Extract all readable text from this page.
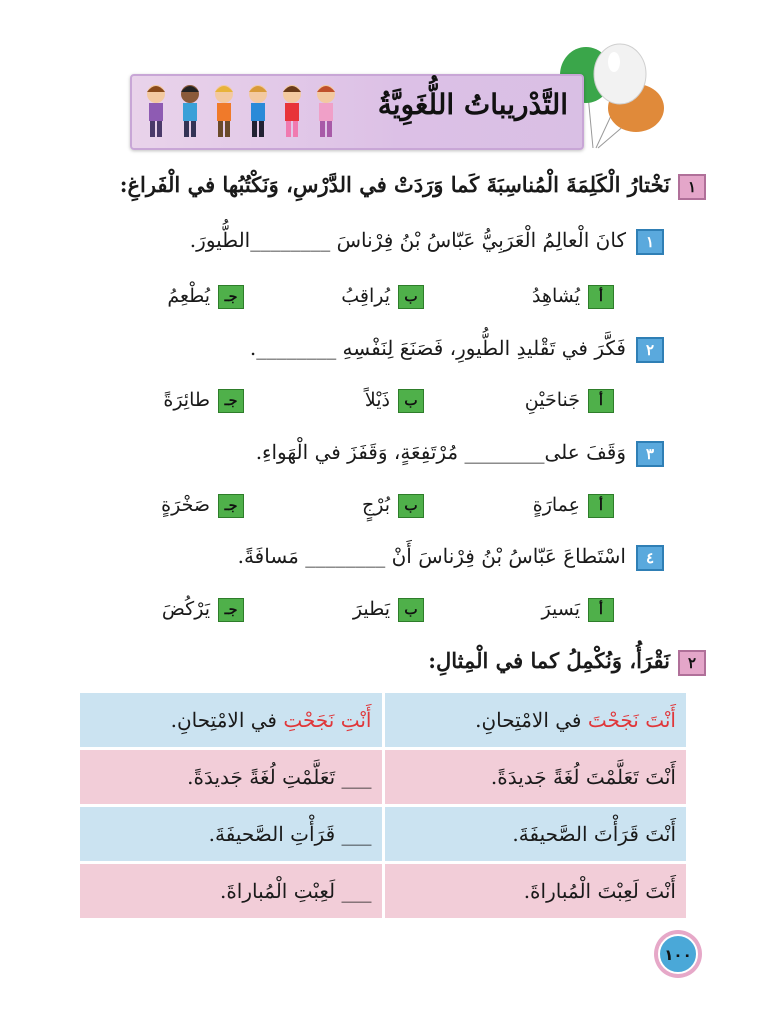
التَّدْريباتُ اللُّغَوِيَّةُ
١نَخْتارُ الْكَلِمَةَ الْمُناسِبَةَ كَما وَرَدَتْ في الدَّرْسِ، وَنَكْتُبُها في الْفَراغِ:
١كانَ الْعالِمُ الْعَرَبِيُّ عَبّاسُ بْنُ فِرْناسَ ________الطُّيورَ.
أيُشاهِدُ
بيُراقِبُ
جـيُطْعِمُ
٢فَكَّرَ في تَقْليدِ الطُّيورِ، فَصَنَعَ لِنَفْسِهِ ________.
أجَناحَيْنِ
بذَيْلاً
جـطائِرَةً
٣وَقَفَ على________ مُرْتَفِعَةٍ، وَقَفَزَ في الْهَواءِ.
أعِمارَةٍ
ببُرْجٍ
جـصَخْرَةٍ
٤اسْتَطاعَ عَبّاسُ بْنُ فِرْناسَ أَنْ ________ مَسافَةً.
أيَسيرَ
بيَطيرَ
جـيَرْكُضَ
٢نَقْرَأُ، وَنُكْمِلُ كما في الْمِثالِ:
أَنْتِ نَجَحْتِ في الامْتِحانِ.	أَنْتَ نَجَحْتَ في الامْتِحانِ.
___ تَعَلَّمْتِ لُغَةً جَديدَةً.	أَنْتَ تَعَلَّمْتَ لُغَةً جَديدَةً.
___ قَرَأْتِ الصَّحيفَةَ.	أَنْتَ قَرَأْتَ الصَّحيفَةَ.
___ لَعِبْتِ الْمُباراةَ.	أَنْتَ لَعِبْتَ الْمُباراةَ.
١٠٠
